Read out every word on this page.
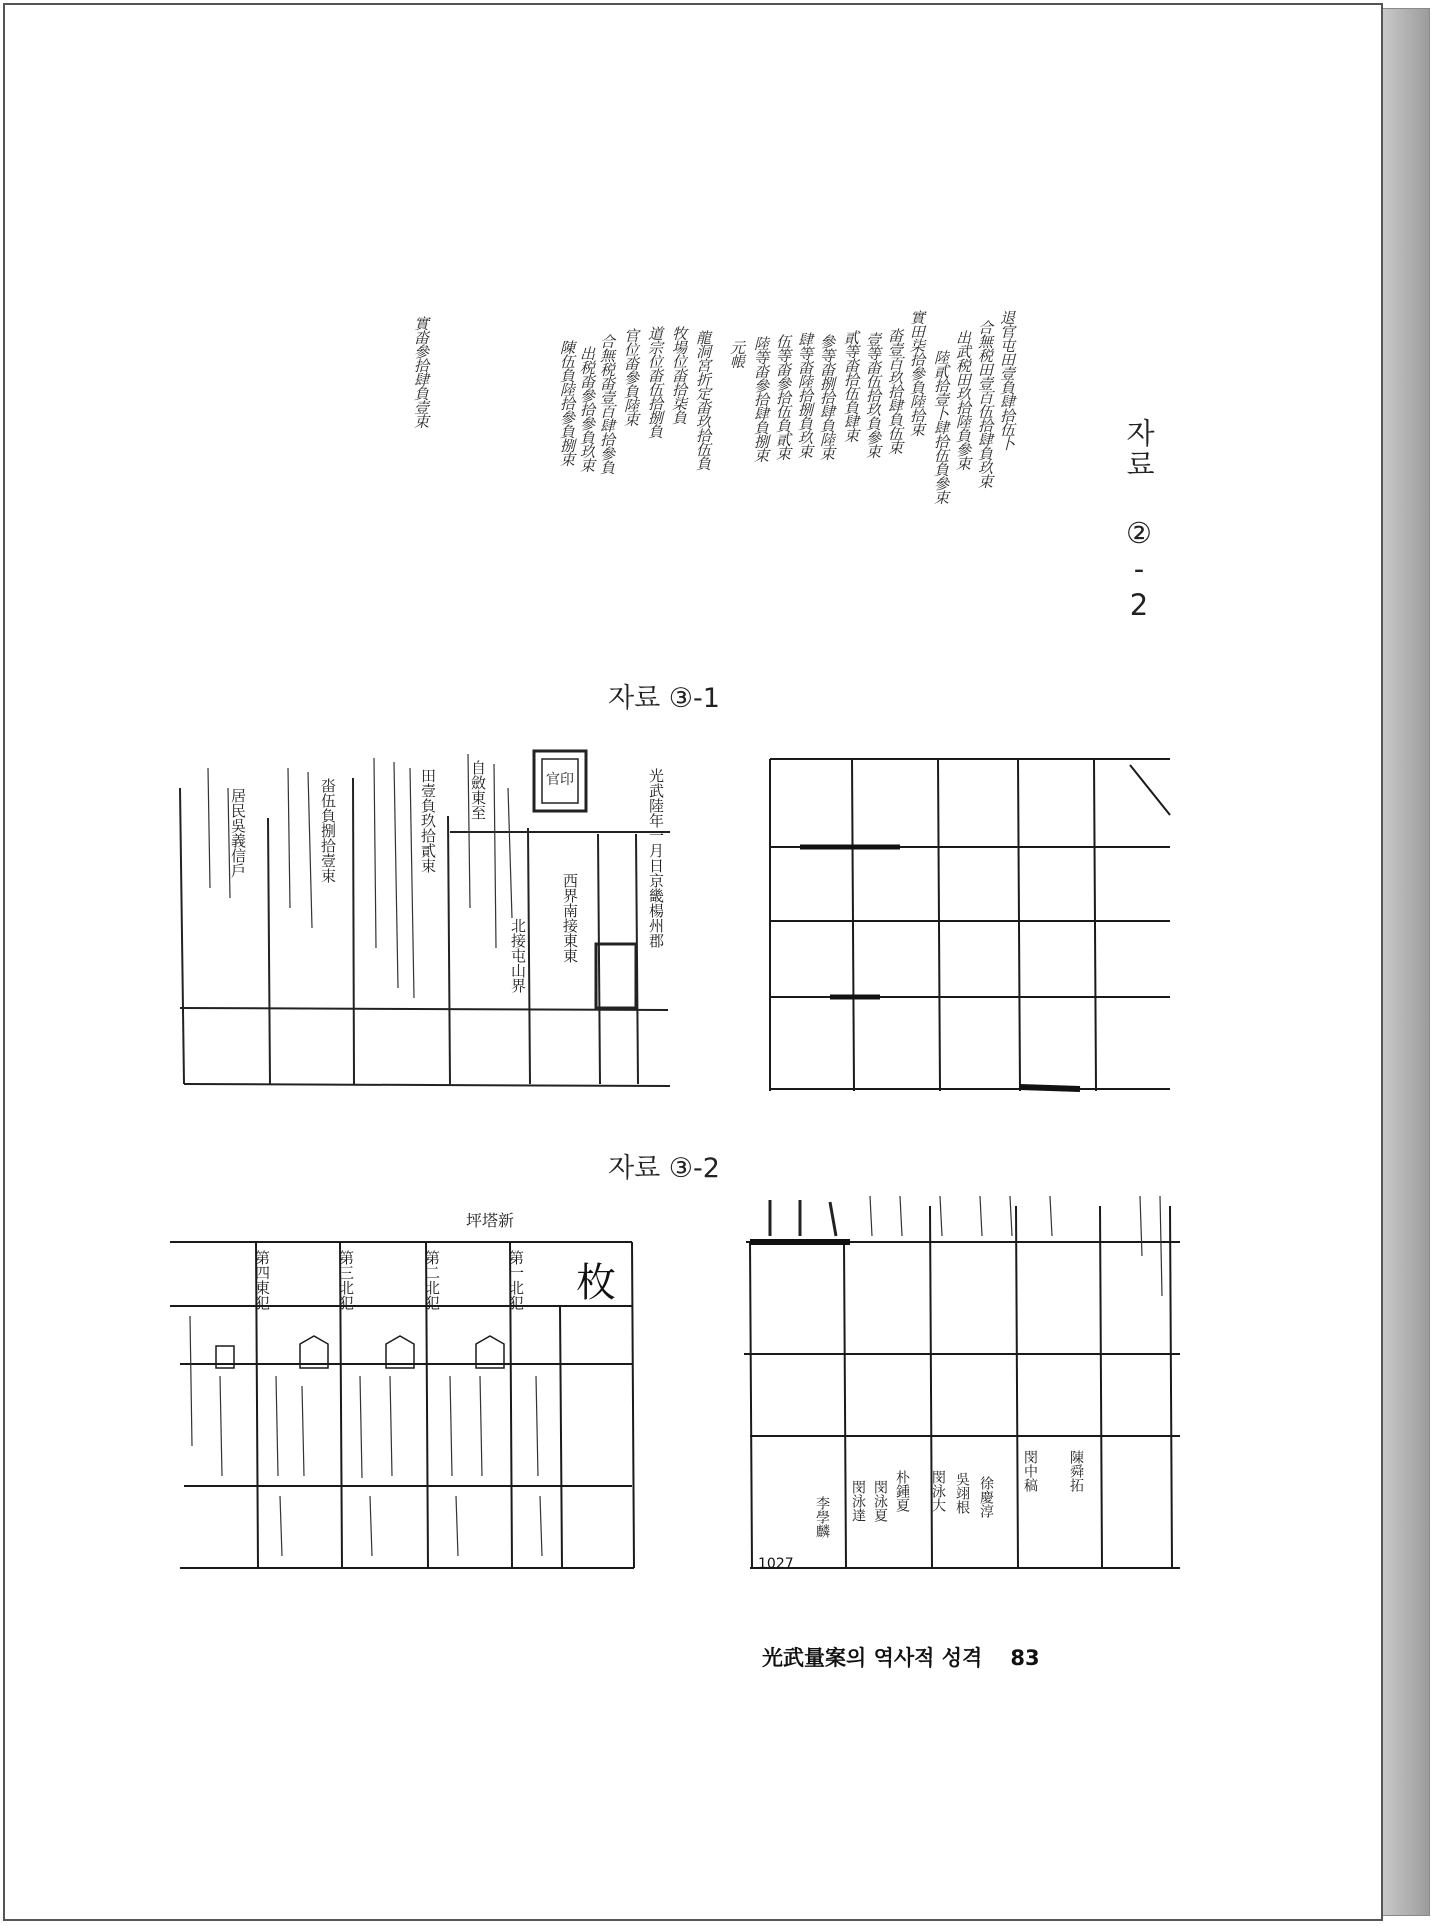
자료 ②-2
退官屯田壹負肆拾伍卜
合無税田壹百伍拾肆負玖束
出武税田玖拾陸負參束
陸貳拾壹卜肆拾伍負參束
實田柒拾參負陸拾束
畓壹百玖拾肆負伍束
壹等畓伍拾玖負參束
貳等畓拾伍負肆束
參等畓捌拾肆負陸束
肆等畓陸拾捌負玖束
伍等畓參拾伍負貳束
陸等畓參拾肆負捌束
元帳
龍洞宮折定畓玖拾伍負
牧場位畓拾柒負
道宗位畓伍拾捌負
官位畓參負陸束
合無税畓壹百肆拾參負
出税畓參拾參負玖束
陳伍負陸拾參負捌束
實畓參拾肆負壹束
자료 ③-1
官印	光武陸年一月日京畿楊州郡
西界南接東東
北接屯山界
自斂東至
田壹負玖拾貳束
畓伍負捌拾壹束
居民吳義信戶
자료 ③-2
坪塔新
枚
第一北犯
第二北犯
第三北犯
第四東犯
李學麟 閔泳達 閔泳夏 朴鍾夏 閔泳大 吳翊根 徐慶淳
閔中稿 陳舜拓
1027
光武量案의 역사적 성격 83
